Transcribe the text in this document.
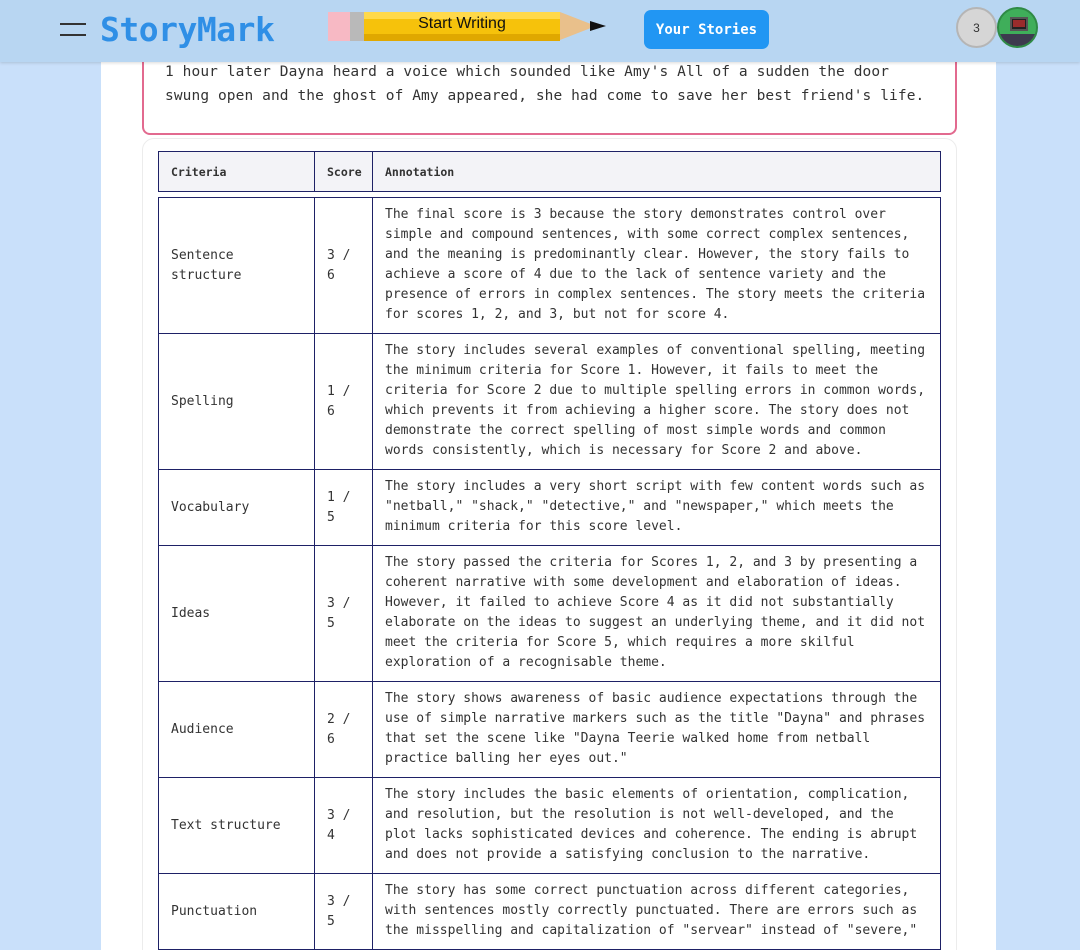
StoryMark	Start Writing	Your Stories	3

1 hour later Dayna heard a voice which sounded like Amy's All of a sudden the door swung open and the ghost of Amy appeared, she had come to save her best friend's life.

Criteria	Score	Annotation
Sentence structure	3 / 6	The final score is 3 because the story demonstrates control over simple and compound sentences, with some correct complex sentences, and the meaning is predominantly clear. However, the story fails to achieve a score of 4 due to the lack of sentence variety and the presence of errors in complex sentences. The story meets the criteria for scores 1, 2, and 3, but not for score 4.
Spelling	1 / 6	The story includes several examples of conventional spelling, meeting the minimum criteria for Score 1. However, it fails to meet the criteria for Score 2 due to multiple spelling errors in common words, which prevents it from achieving a higher score. The story does not demonstrate the correct spelling of most simple words and common words consistently, which is necessary for Score 2 and above.
Vocabulary	1 / 5	The story includes a very short script with few content words such as "netball," "shack," "detective," and "newspaper," which meets the minimum criteria for this score level.
Ideas	3 / 5	The story passed the criteria for Scores 1, 2, and 3 by presenting a coherent narrative with some development and elaboration of ideas. However, it failed to achieve Score 4 as it did not substantially elaborate on the ideas to suggest an underlying theme, and it did not meet the criteria for Score 5, which requires a more skilful exploration of a recognisable theme.
Audience	2 / 6	The story shows awareness of basic audience expectations through the use of simple narrative markers such as the title "Dayna" and phrases that set the scene like "Dayna Teerie walked home from netball practice balling her eyes out."
Text structure	3 / 4	The story includes the basic elements of orientation, complication, and resolution, but the resolution is not well-developed, and the plot lacks sophisticated devices and coherence. The ending is abrupt and does not provide a satisfying conclusion to the narrative.
Punctuation	3 / 5	The story has some correct punctuation across different categories, with sentences mostly correctly punctuated. There are errors such as the misspelling and capitalization of "servear" instead of "severe,"
